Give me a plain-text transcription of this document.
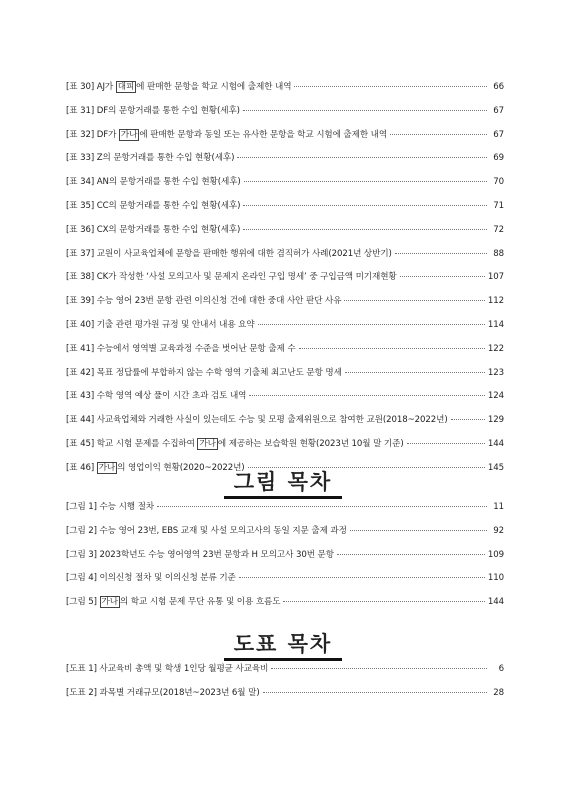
[표 30] AJ가 대피 에 판매한 문항을 학교 시험에 출제한 내역	66
[표 31] DF의 문항거래를 통한 수입 현황(세후)	67
[표 32] DF가 가나 에 판매한 문항과 동일 또는 유사한 문항을 학교 시험에 출제한 내역	67
[표 33] Z의 문항거래를 통한 수입 현황(세후)	69
[표 34] AN의 문항거래를 통한 수입 현황(세후)	70
[표 35] CC의 문항거래를 통한 수입 현황(세후)	71
[표 36] CX의 문항거래를 통한 수입 현황(세후)	72
[표 37] 교원이 사교육업체에 문항을 판매한 행위에 대한 겸직허가 사례(2021년 상반기)	88
[표 38] CK가 작성한 ‘사설 모의고사 및 문제지 온라인 구입 명세’ 중 구입금액 미기재현황	107
[표 39] 수능 영어 23번 문항 관련 이의신청 건에 대한 중대 사안 판단 사유	112
[표 40] 기출 관련 평가원 규정 및 안내서 내용 요약	114
[표 41] 수능에서 영역별 교육과정 수준을 벗어난 문항 출제 수	122
[표 42] 목표 정답률에 부합하지 않는 수학 영역 기출체 최고난도 문항 명세	123
[표 43] 수학 영역 예상 풀이 시간 초과 검토 내역	124
[표 44] 사교육업체와 거래한 사실이 있는데도 수능 및 모평 출제위원으로 참여한 교원(2018~2022년)	129
[표 45] 학교 시험 문제를 수집하여 가나 에 제공하는 보습학원 현황(2023년 10월 말 기준)	144
[표 46] 가나 의 영업이익 현황(2020~2022년)	145
그림 목차
[그림 1] 수능 시행 절차	11
[그림 2] 수능 영어 23번, EBS 교재 및 사설 모의고사의 동일 지문 출제 과정	92
[그림 3] 2023학년도 수능 영어영역 23번 문항과 H 모의고사 30번 문항	109
[그림 4] 이의신청 절차 및 이의신청 분류 기준	110
[그림 5] 가나 의 학교 시험 문제 무단 유통 및 이용 흐름도	144
도표 목차
[도표 1] 사교육비 총액 및 학생 1인당 월평균 사교육비	6
[도표 2] 과목별 거래규모(2018년~2023년 6월 말)	28
